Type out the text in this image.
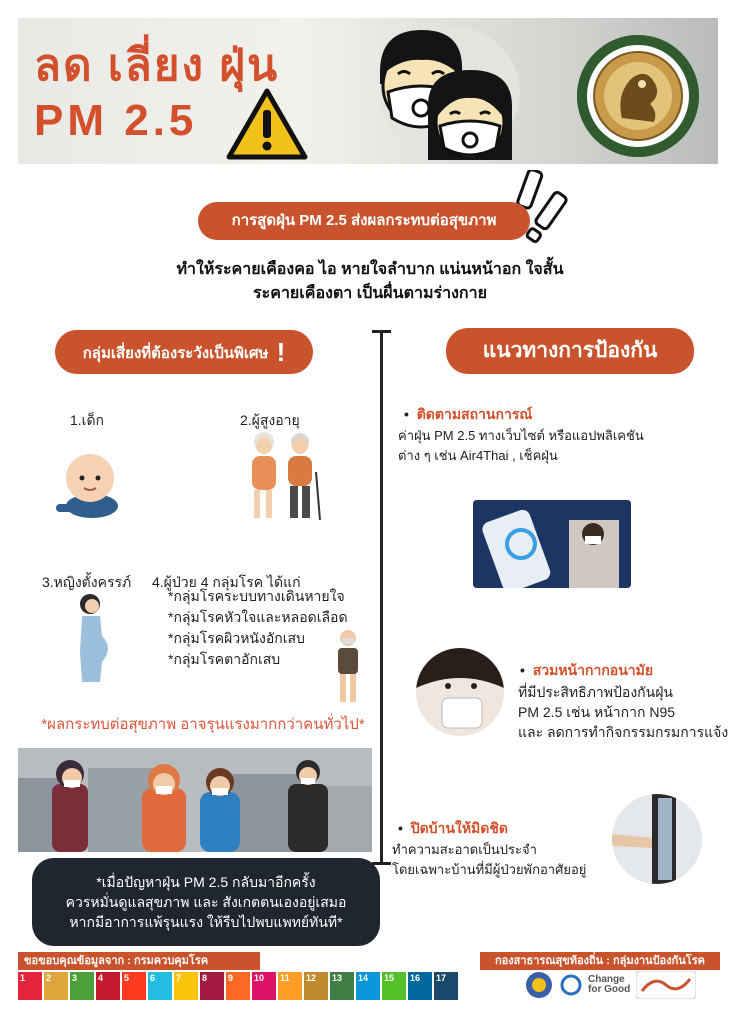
ลด เลี่ยง ฝุ่น
PM 2.5
การสูดฝุ่น PM 2.5 ส่งผลกระทบต่อสุขภาพ
ทำให้ระคายเคืองคอ ไอ หายใจลำบาก แน่นหน้าอก ใจสั้น
ระคายเคืองตา เป็นผื่นตามร่างกาย
กลุ่มเสี่ยงที่ต้องระวังเป็นพิเศษ !
1.เด็ก	2.ผู้สูงอายุ
3.หญิงตั้งครรภ์ 4.ผู้ป่วย 4 กลุ่มโรค ได้แก่
*กลุ่มโรคระบบทางเดินหายใจ
*กลุ่มโรคหัวใจและหลอดเลือด
*กลุ่มโรคผิวหนังอักเสบ
*กลุ่มโรคตาอักเสบ
*ผลกระทบต่อสุขภาพ อาจรุนแรงมากกว่าคนทั่วไป*
*เมื่อปัญหาฝุ่น PM 2.5 กลับมาอีกครั้ง
ควรหมั่นดูแลสุขภาพ และ สังเกตตนเองอยู่เสมอ
หากมีอาการแพ้รุนแรง ให้รีบไปพบแพทย์ทันที*
แนวทางการป้องกัน
•  ติดตามสถานการณ์
ค่าฝุ่น PM 2.5 ทางเว็บไซต์ หรือแอปพลิเคชัน
ต่าง ๆ เช่น Air4Thai , เช็คฝุ่น
•  สวมหน้ากากอนามัย
ที่มีประสิทธิภาพป้องกันฝุ่น
PM 2.5 เช่น หน้ากาก N95
และ ลดการทำกิจกรรมกรมการแจ้ง
•  ปิดบ้านให้มิดชิด
ทำความสะอาดเป็นประจำ
โดยเฉพาะบ้านที่มีผู้ป่วยพักอาศัยอยู่
ขอขอบคุณข้อมูลจาก : กรมควบคุมโรค	กองสาธารณสุขท้องถิ่น : กลุ่มงานป้องกันโรค
1	2	3	4	5	6	7	8	9	10	11	12	13	14	15	16	17	Change
for Good
